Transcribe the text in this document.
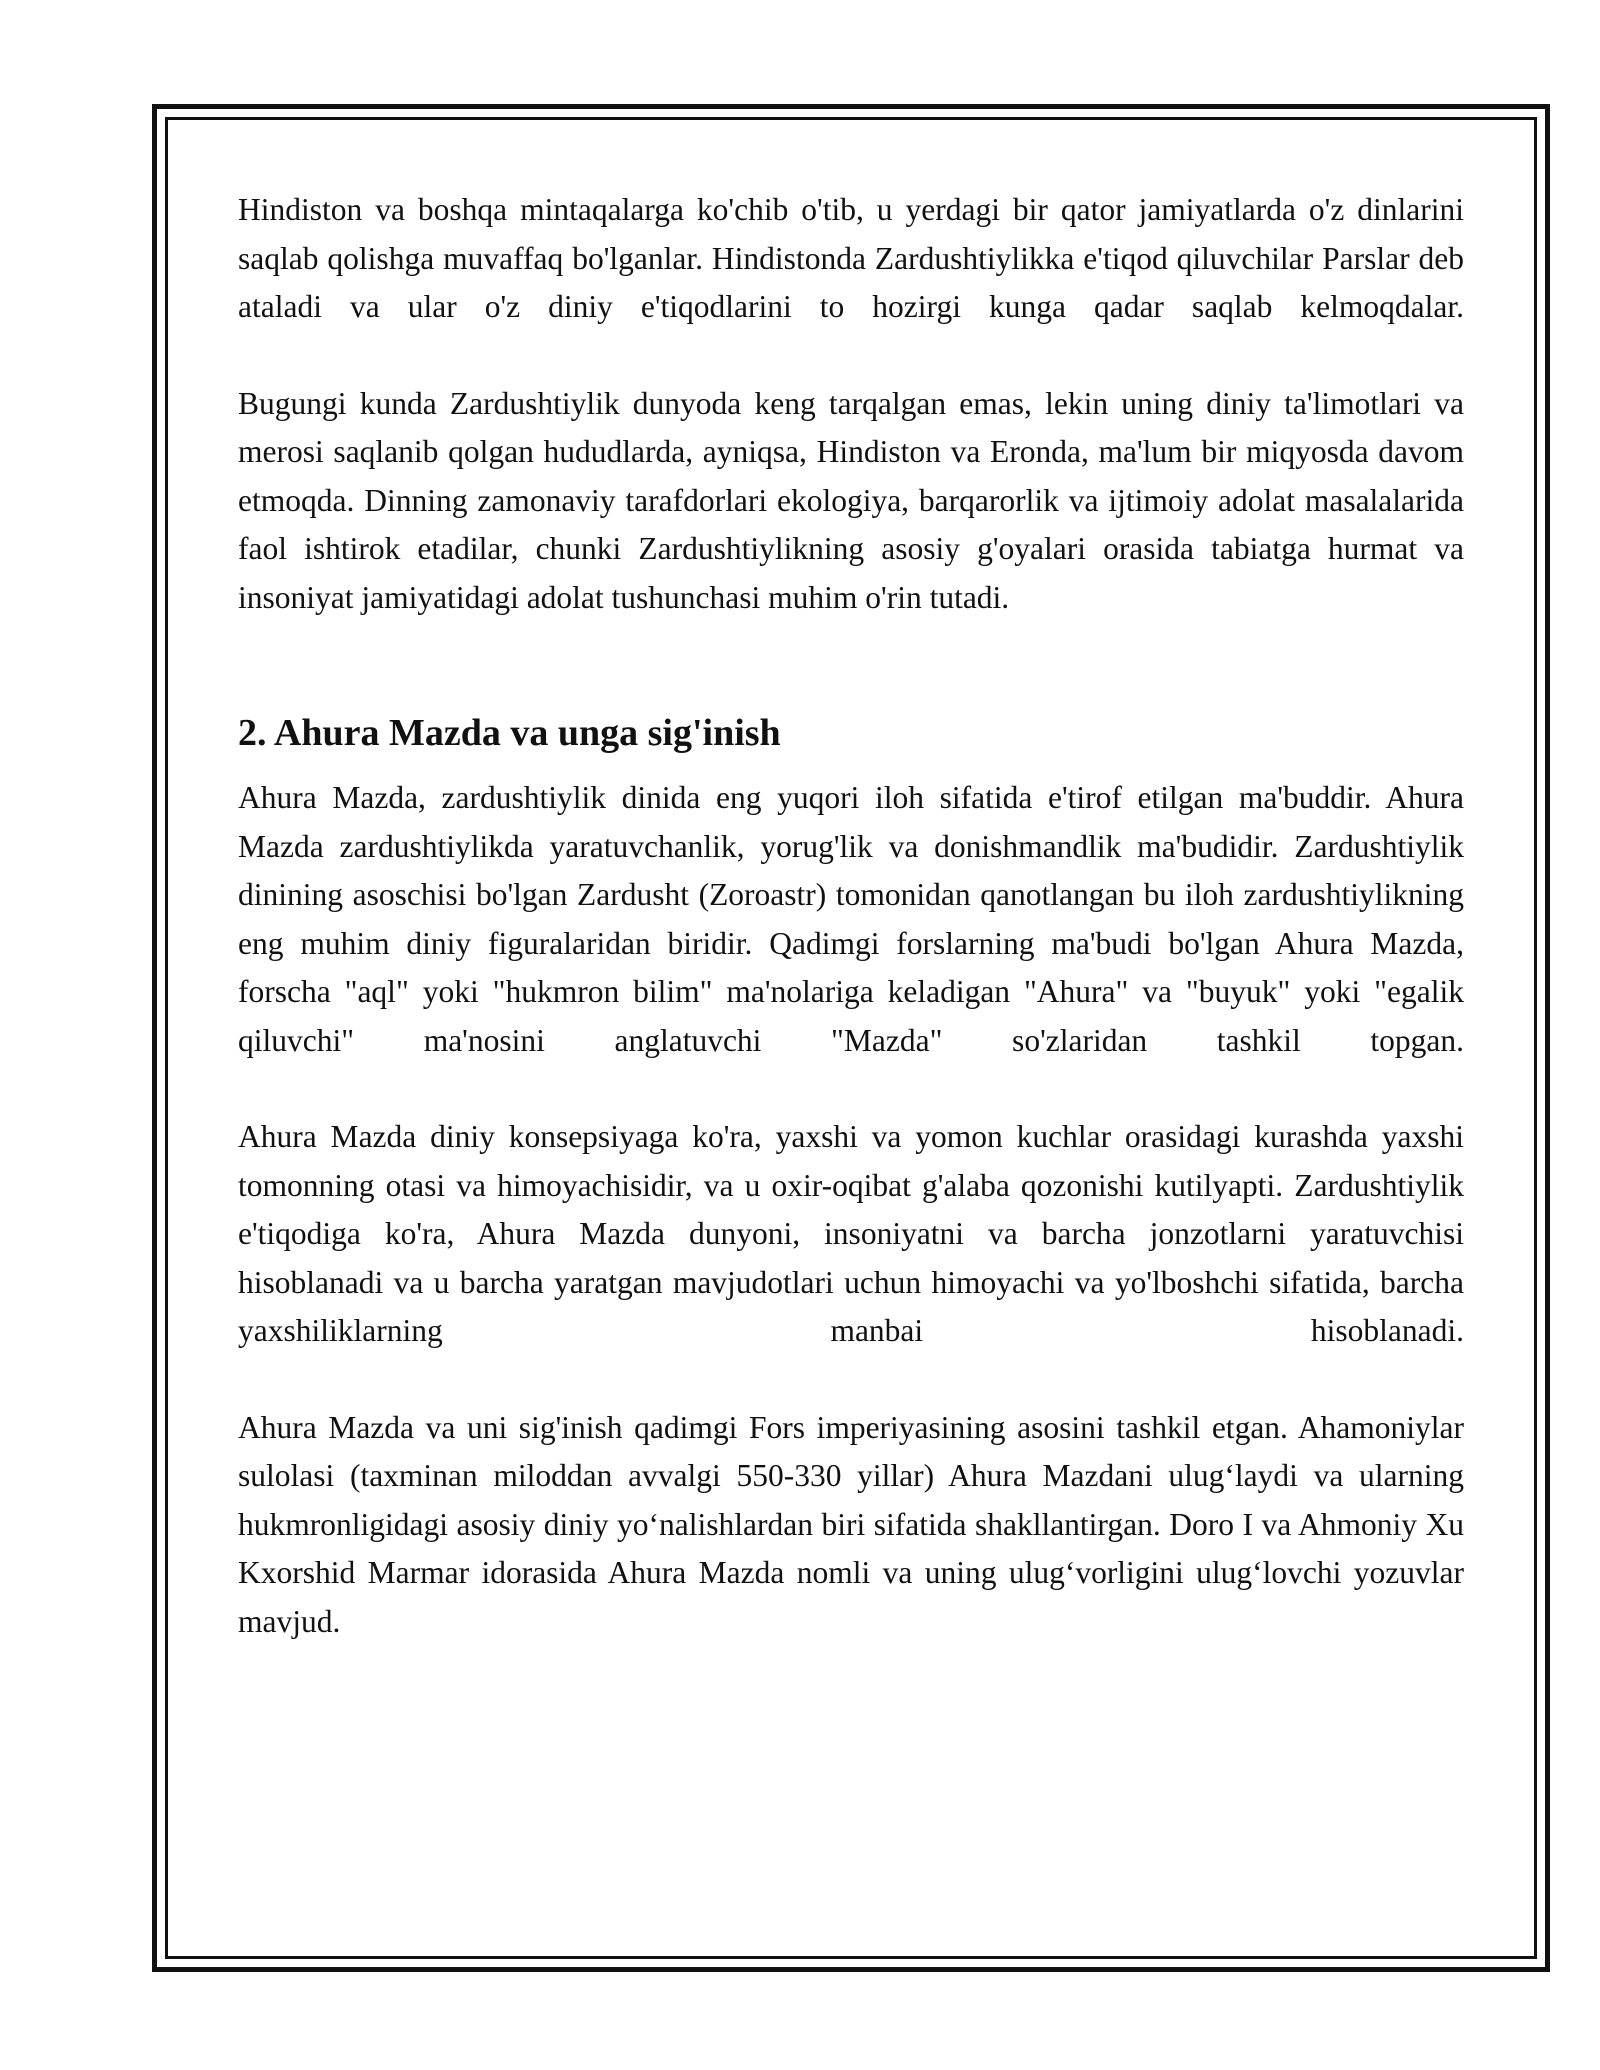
Hindiston va boshqa mintaqalarga ko'chib o'tib, u yerdagi bir qator jamiyatlarda o'z dinlarini saqlab qolishga muvaffaq bo'lganlar. Hindistonda Zardushtiylikka e'tiqod qiluvchilar Parslar deb ataladi va ular o'z diniy e'tiqodlarini to hozirgi kunga qadar saqlab kelmoqdalar.

Bugungi kunda Zardushtiylik dunyoda keng tarqalgan emas, lekin uning diniy ta'limotlari va merosi saqlanib qolgan hududlarda, ayniqsa, Hindiston va Eronda, ma'lum bir miqyosda davom etmoqda. Dinning zamonaviy tarafdorlari ekologiya, barqarorlik va ijtimoiy adolat masalalarida faol ishtirok etadilar, chunki Zardushtiylikning asosiy g'oyalari orasida tabiatga hurmat va insoniyat jamiyatidagi adolat tushunchasi muhim o'rin tutadi.

2. Ahura Mazda va unga sig'inish

Ahura Mazda, zardushtiylik dinida eng yuqori iloh sifatida e'tirof etilgan ma'buddir. Ahura Mazda zardushtiylikda yaratuvchanlik, yorug'lik va donishmandlik ma'budidir. Zardushtiylik dinining asoschisi bo'lgan Zardusht (Zoroastr) tomonidan qanotlangan bu iloh zardushtiylikning eng muhim diniy figuralaridan biridir. Qadimgi forslarning ma'budi bo'lgan Ahura Mazda, forscha "aql" yoki "hukmron bilim" ma'nolariga keladigan "Ahura" va "buyuk" yoki "egalik qiluvchi" ma'nosini anglatuvchi "Mazda" so'zlaridan tashkil topgan.

Ahura Mazda diniy konsepsiyaga ko'ra, yaxshi va yomon kuchlar orasidagi kurashda yaxshi tomonning otasi va himoyachisidir, va u oxir-oqibat g'alaba qozonishi kutilyapti. Zardushtiylik e'tiqodiga ko'ra, Ahura Mazda dunyoni, insoniyatni va barcha jonzotlarni yaratuvchisi hisoblanadi va u barcha yaratgan mavjudotlari uchun himoyachi va yo'lboshchi sifatida, barcha yaxshiliklarning manbai hisoblanadi.

Ahura Mazda va uni sig'inish qadimgi Fors imperiyasining asosini tashkil etgan. Ahamoniylar sulolasi (taxminan miloddan avvalgi 550-330 yillar) Ahura Mazdani ulug‘laydi va ularning hukmronligidagi asosiy diniy yo‘nalishlardan biri sifatida shakllantirgan. Doro I va Ahmoniy Xu Kxorshid Marmar idorasida Ahura Mazda nomli va uning ulug‘vorligini ulug‘lovchi yozuvlar mavjud.
